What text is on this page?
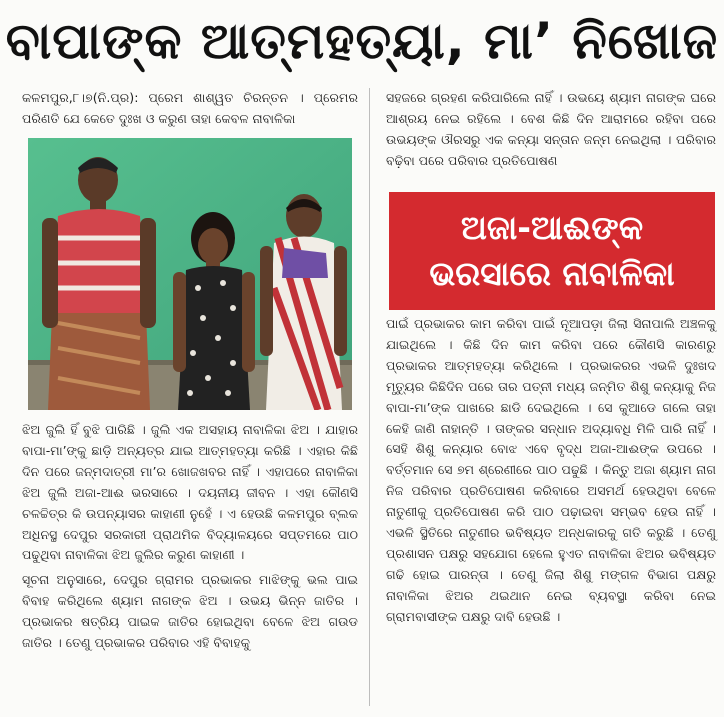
ବାପାଙ୍କ ଆତ୍ମହତ୍ୟା, ମା’ ନିଖୋଜ

କଳମପୁର,୮।୭(ନି.ପ୍ର): ପ୍ରେମ ଶାଶ୍ୱତ ଚିରନ୍ତନ । ପ୍ରେମର ପରିଣତି ଯେ କେତେ ଦୁଃଖ ଓ କରୁଣ ତାହା କେବଳ ନାବାଳିକା

ଝିଅ ଜୁଲି ହିଁ ବୁଝି ପାରିଛି । ଜୁଲି ଏକ ଅସହାୟ ନାବାଳିକା ଝିଅ । ଯାହାର ବାପା-ମା’ଙ୍କୁ ଛାଡ଼ି ଅନ୍ୟତ୍ର ଯାଇ ଆତ୍ମହତ୍ୟା କରିଛି । ଏହାର କିଛି ଦିନ ପରେ ଜନ୍ମଦାତ୍ରୀ ମା’ର ଖୋଜଖବର ନାହିଁ । ଏହାପରେ ନାବାଳିକା ଝିଅ ଜୁଲି ଅଜା-ଆଈ ଭରସାରେ । ଦୟନୀୟ ଜୀବନ । ଏହା କୌଣସି ଚଳଚ୍ଚିତ୍ର କି ଉପନ୍ୟାସର କାହାଣୀ ନୁହେଁ । ଏ ହେଉଛି କଳମପୁର ବ୍ଲକ ଅଧିନସ୍ଥ ଦେପୁର ସରକାରୀ ପ୍ରାଥମିକ ବିଦ୍ୟାଳୟରେ ସପ୍ତମରେ ପାଠ ପଢୁଥିବା ନାବାଳିକା ଝିଅ ଜୁଲିର କରୁଣ କାହାଣୀ ।

ସୂଚନା ଅନୁସାରେ, ଦେପୁର ଗ୍ରାମର ପ୍ରଭାକର ମାଝିଙ୍କୁ ଭଲ ପାଇ ବିବାହ କରିଥିଲେ ଶ୍ୟାମ ନାଗଙ୍କ ଝିଅ । ଉଭୟ ଭିନ୍ନ ଜାତିର । ପ୍ରଭାକର ଷତ୍ରିୟ ପାଇକ ଜାତିର ହୋଇଥିବା ବେଳେ ଝିଅ ଗଉଡ ଜାତିର । ତେଣୁ ପ୍ରଭାକର ପରିବାର ଏହି ବିବାହକୁ

ସହଜରେ ଗ୍ରହଣ କରିପାରିଲେ ନାହିଁ । ଉଭୟେ ଶ୍ୟାମ ନାଗଙ୍କ ଘରେ ଆଶ୍ରୟ ନେଇ ରହିଲେ । ବେଶ କିଛି ଦିନ ଆରାମରେ ରହିବା ପରେ ଉଭୟଙ୍କ ଔରସରୁ ଏକ କନ୍ୟା ସନ୍ତାନ ଜନ୍ମ ନେଇଥିଲା । ପରିବାର ବଢ଼ିବା ପରେ ପରିବାର ପ୍ରତିପୋଷଣ

ଅଜା-ଆଈଙ୍କ
ଭରସାରେ ନାବାଳିକା

ପାଇଁ ପ୍ରଭାକର କାମ କରିବା ପାଇଁ ନୂଆପଡ଼ା ଜିଲା ସିନାପାଲି ଅଞ୍ଚଳକୁ ଯାଇଥିଲେ । କିଛି ଦିନ କାମ କରିବା ପରେ କୌଣସି କାରଣରୁ ପ୍ରଭାକର ଆତ୍ମହତ୍ୟା କରିଥିଲେ । ପ୍ରଭାକରର ଏଭଳି ଦୁଃଖଦ ମୃତ୍ୟୁର କିଛିଦିନ ପରେ ତାର ପତ୍ନୀ ମଧ୍ୟ ଜନ୍ମିତ ଶିଶୁ କନ୍ୟାକୁ ନିଜ ବାପା-ମା’ଙ୍କ ପାଖରେ ଛାଡି ଦେଇଥିଲେ । ସେ କୁଆଡେ ଗଲେ ତାହା କେହି ଜାଣି ନାହାନ୍ତି । ତାଙ୍କର ସନ୍ଧାନ ଅଦ୍ୟାବଧି ମିଳି ପାରି ନାହିଁ । ସେହି ଶିଶୁ କନ୍ୟାର ବୋଝ ଏବେ ବୃଦ୍ଧ ଅଜା-ଆଈଙ୍କ ଉପରେ । ବର୍ତ୍ତମାନ ସେ ୭ମ ଶ୍ରେଣୀରେ ପାଠ ପଢୁଛି । କିନ୍ତୁ ଅଜା ଶ୍ୟାମ ନାଗ ନିଜ ପରିବାର ପ୍ରତିପୋଷଣ କରିବାରେ ଅସମର୍ଥ ହେଉଥିବା ବେଳେ ନାତୁଣୀକୁ ପ୍ରତିପୋଷଣ କରି ପାଠ ପଢ଼ାଇବା ସମ୍ଭବ ହେଉ ନାହିଁ । ଏଭଳି ସ୍ଥିତିରେ ନାତୁଣୀର ଭବିଷ୍ୟତ ଅନ୍ଧକାରକୁ ଗତି କରୁଛି । ତେଣୁ ପ୍ରଶାସନ ପକ୍ଷରୁ ସହଯୋଗ ହେଲେ ହୁଏତ ନାବାଳିକା ଝିଅର ଭବିଷ୍ୟତ ଗଢି ହୋଇ ପାରନ୍ତା । ତେଣୁ ଜିଲା ଶିଶୁ ମଙ୍ଗଳ ବିଭାଗ ପକ୍ଷରୁ ନାବାଳିକା ଝିଅର ଥଇଥାନ ନେଇ ବ୍ୟବସ୍ଥା କରିବା ନେଇ ଗ୍ରାମବାସୀଙ୍କ ପକ୍ଷରୁ ଦାବି ହେଉଛି ।
